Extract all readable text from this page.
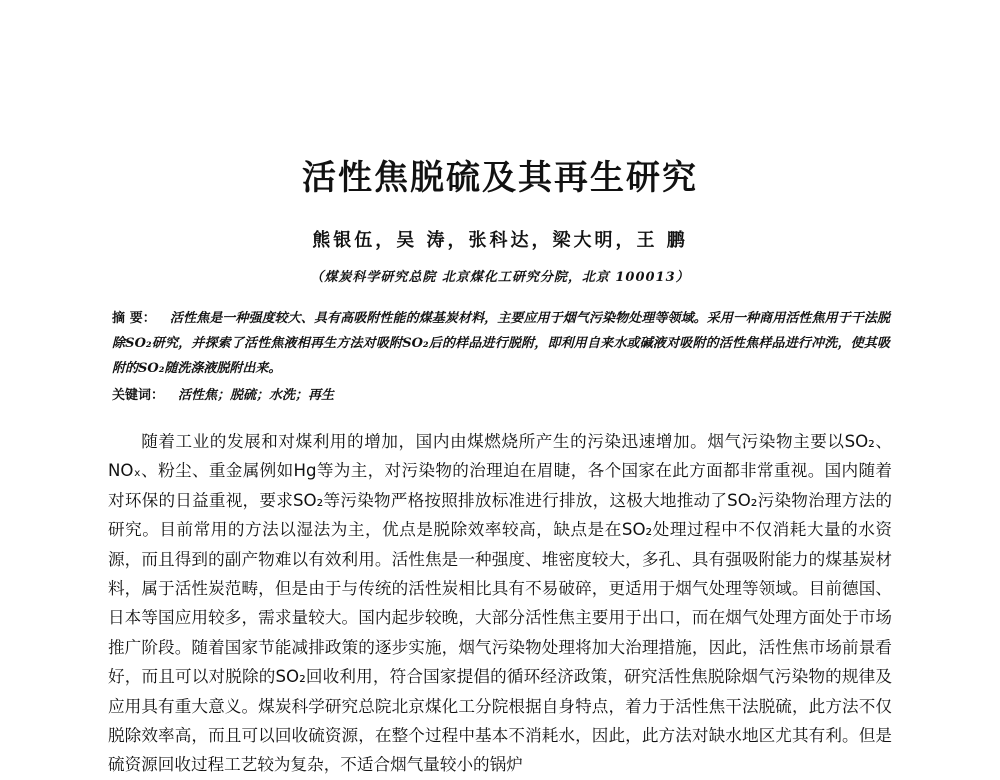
活性焦脱硫及其再生研究
熊银伍，吴 涛，张科达，梁大明，王 鹏
（煤炭科学研究总院 北京煤化工研究分院，北京 100013）
摘 要： 活性焦是一种强度较大、具有高吸附性能的煤基炭材料，主要应用于烟气污染物处理等领域。采用一种商用活性焦用于干法脱除SO₂研究，并探索了活性焦液相再生方法对吸附SO₂后的样品进行脱附，即利用自来水或碱液对吸附的活性焦样品进行冲洗，使其吸附的SO₂随洗涤液脱附出来。
关键词： 活性焦；脱硫；水洗；再生
随着工业的发展和对煤利用的增加，国内由煤燃烧所产生的污染迅速增加。烟气污染物主要以SO₂、NOₓ、粉尘、重金属例如Hg等为主，对污染物的治理迫在眉睫，各个国家在此方面都非常重视。国内随着对环保的日益重视，要求SO₂等污染物严格按照排放标准进行排放，这极大地推动了SO₂污染物治理方法的研究。目前常用的方法以湿法为主，优点是脱除效率较高，缺点是在SO₂处理过程中不仅消耗大量的水资源，而且得到的副产物难以有效利用。活性焦是一种强度、堆密度较大，多孔、具有强吸附能力的煤基炭材料，属于活性炭范畴，但是由于与传统的活性炭相比具有不易破碎，更适用于烟气处理等领域。目前德国、日本等国应用较多，需求量较大。国内起步较晚，大部分活性焦主要用于出口，而在烟气处理方面处于市场推广阶段。随着国家节能减排政策的逐步实施，烟气污染物处理将加大治理措施，因此，活性焦市场前景看好，而且可以对脱除的SO₂回收利用，符合国家提倡的循环经济政策，研究活性焦脱除烟气污染物的规律及应用具有重大意义。煤炭科学研究总院北京煤化工分院根据自身特点，着力于活性焦干法脱硫，此方法不仅脱除效率高，而且可以回收硫资源，在整个过程中基本不消耗水，因此，此方法对缺水地区尤其有利。但是硫资源回收过程工艺较为复杂，不适合烟气量较小的锅炉
